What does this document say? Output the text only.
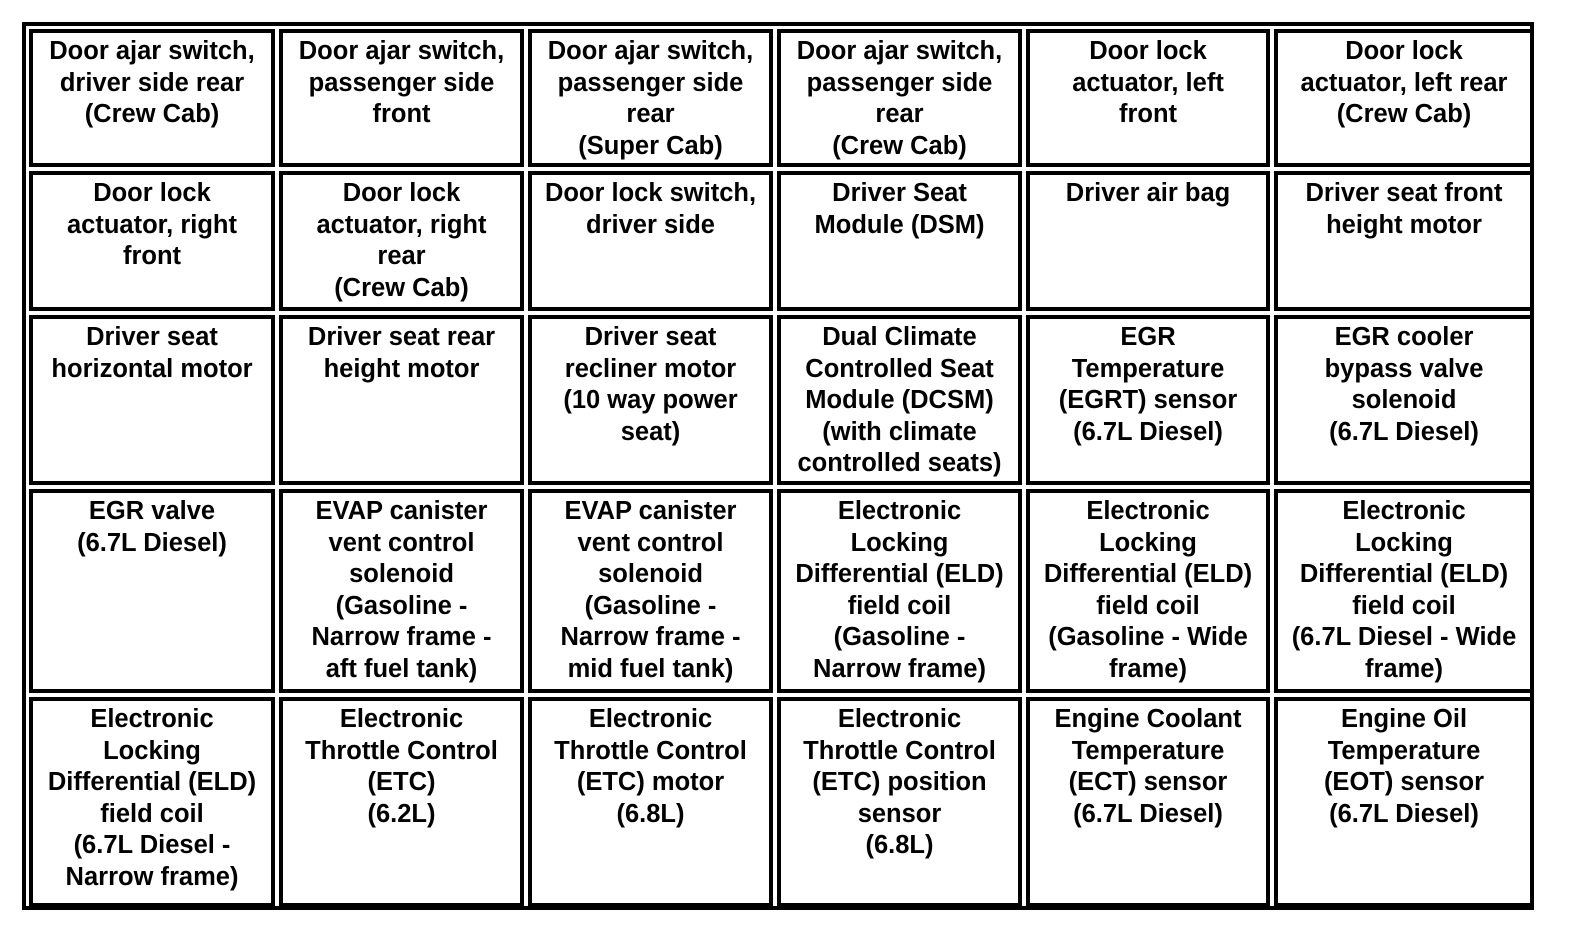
Door ajar switch,
driver side rear
(Crew Cab)
Door ajar switch,
passenger side
front
Door ajar switch,
passenger side
rear
(Super Cab)
Door ajar switch,
passenger side
rear
(Crew Cab)
Door lock
actuator, left
front
Door lock
actuator, left rear
(Crew Cab)
Door lock
actuator, right
front
Door lock
actuator, right
rear
(Crew Cab)
Door lock switch,
driver side
Driver Seat
Module (DSM)
Driver air bag	Driver seat front
height motor
Driver seat
horizontal motor
Driver seat rear
height motor
Driver seat
recliner motor
(10 way power
seat)
Dual Climate
Controlled Seat
Module (DCSM)
(with climate
controlled seats)
EGR
Temperature
(EGRT) sensor
(6.7L Diesel)
EGR cooler
bypass valve
solenoid
(6.7L Diesel)
EGR valve
(6.7L Diesel)
EVAP canister
vent control
solenoid
(Gasoline -
Narrow frame -
aft fuel tank)
EVAP canister
vent control
solenoid
(Gasoline -
Narrow frame -
mid fuel tank)
Electronic
Locking
Differential (ELD)
field coil
(Gasoline -
Narrow frame)
Electronic
Locking
Differential (ELD)
field coil
(Gasoline - Wide
frame)
Electronic
Locking
Differential (ELD)
field coil
(6.7L Diesel - Wide
frame)
Electronic
Locking
Differential (ELD)
field coil
(6.7L Diesel -
Narrow frame)
Electronic
Throttle Control
(ETC)
(6.2L)
Electronic
Throttle Control
(ETC) motor
(6.8L)
Electronic
Throttle Control
(ETC) position
sensor
(6.8L)
Engine Coolant
Temperature
(ECT) sensor
(6.7L Diesel)
Engine Oil
Temperature
(EOT) sensor
(6.7L Diesel)
